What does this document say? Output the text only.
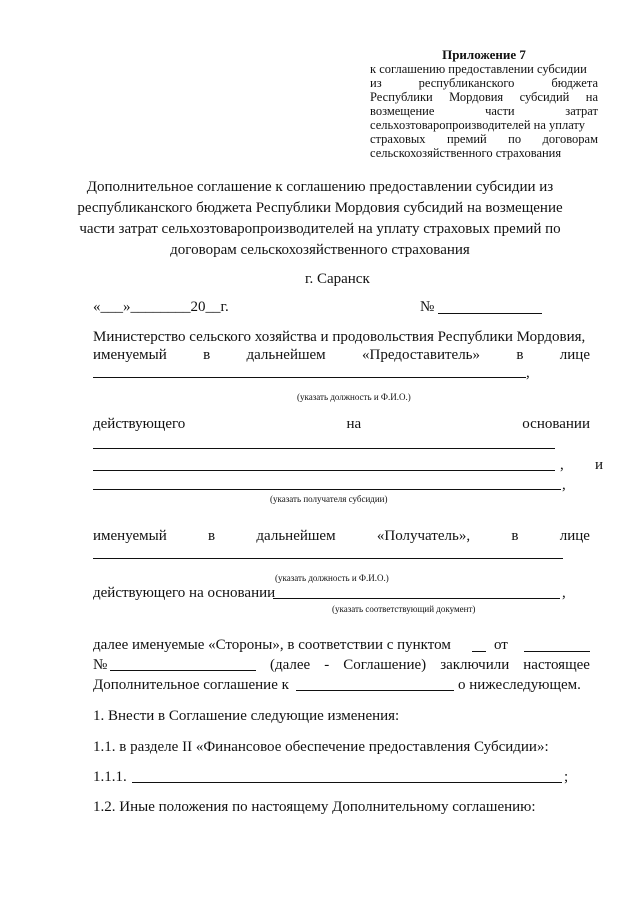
Приложение 7
к соглашению предоставлении субсидии
из республиканского бюджета
Республики Мордовия субсидий на
возмещение части затрат
сельхозтоваропроизводителей на уплату
страховых премий по договорам
сельскохозяйственного страхования
Дополнительное соглашение к соглашению предоставлении субсидии из
республиканского бюджета Республики Мордовия субсидий на возмещение
части затрат сельхозтоваропроизводителей на уплату страховых премий по
договорам сельскохозяйственного страхования
г. Саранск
«___»________20__г.	№
Министерство сельского хозяйства и продовольствия Республики Мордовия,
именуемый в дальнейшем «Предоставитель» в лице
,
(указать должность и Ф.И.О.)
действующего	на	основании
, и
,
(указать получателя субсидии)
именуемый	в	дальнейшем	«Получатель»,	в	лице
(указать должность и Ф.И.О.)
действующего на основании	,
(указать соответствующий документ)
далее именуемые «Стороны», в соответствии с пунктом	от
№	(далее - Соглашение) заключили настоящее
Дополнительное соглашение к	о нижеследующем.
1. Внести в Соглашение следующие изменения:
1.1. в разделе II «Финансовое обеспечение предоставления Субсидии»:
1.1.1.	;
1.2. Иные положения по настоящему Дополнительному соглашению:
